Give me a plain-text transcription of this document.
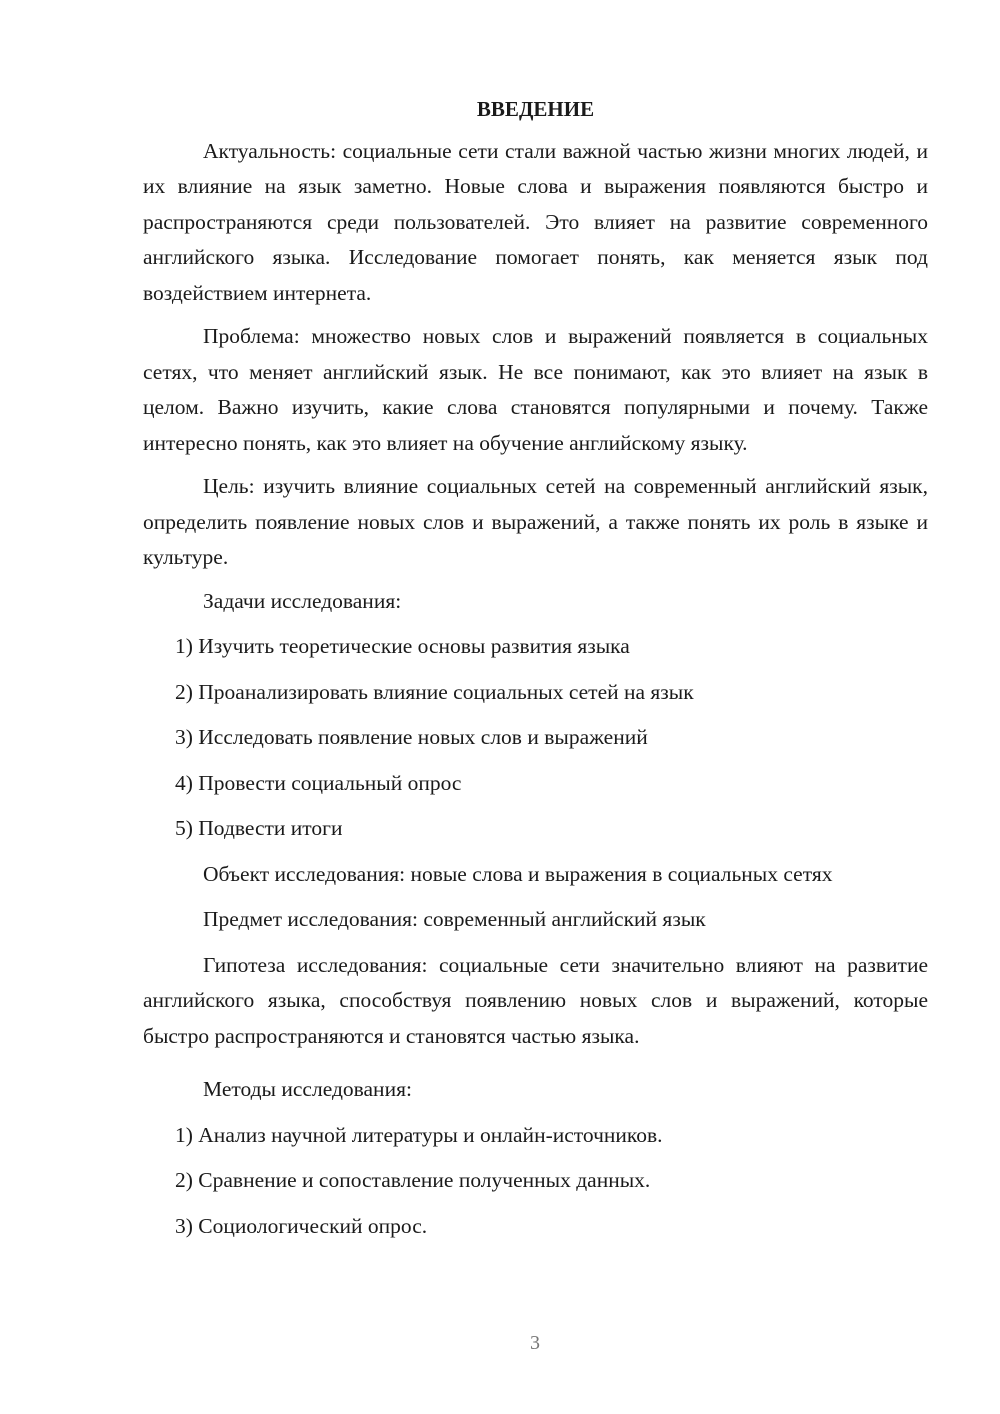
ВВЕДЕНИЕ

Актуальность: социальные сети стали важной частью жизни многих людей, и их влияние на язык заметно. Новые слова и выражения появляются быстро и распространяются среди пользователей. Это влияет на развитие современного английского языка. Исследование помогает понять, как меняется язык под воздействием интернета.

Проблема: множество новых слов и выражений появляется в социальных сетях, что меняет английский язык. Не все понимают, как это влияет на язык в целом. Важно изучить, какие слова становятся популярными и почему. Также интересно понять, как это влияет на обучение английскому языку.

Цель: изучить влияние социальных сетей на современный английский язык, определить появление новых слов и выражений, а также понять их роль в языке и культуре.

Задачи исследования:
1) Изучить теоретические основы развития языка
2) Проанализировать влияние социальных сетей на язык
3) Исследовать появление новых слов и выражений
4) Провести социальный опрос
5) Подвести итоги
Объект исследования: новые слова и выражения в социальных сетях
Предмет исследования: современный английский язык

Гипотеза исследования: социальные сети значительно влияют на развитие английского языка, способствуя появлению новых слов и выражений, которые быстро распространяются и становятся частью языка.

Методы исследования:
1) Анализ научной литературы и онлайн-источников.
2) Сравнение и сопоставление полученных данных.
3) Социологический опрос.
3
